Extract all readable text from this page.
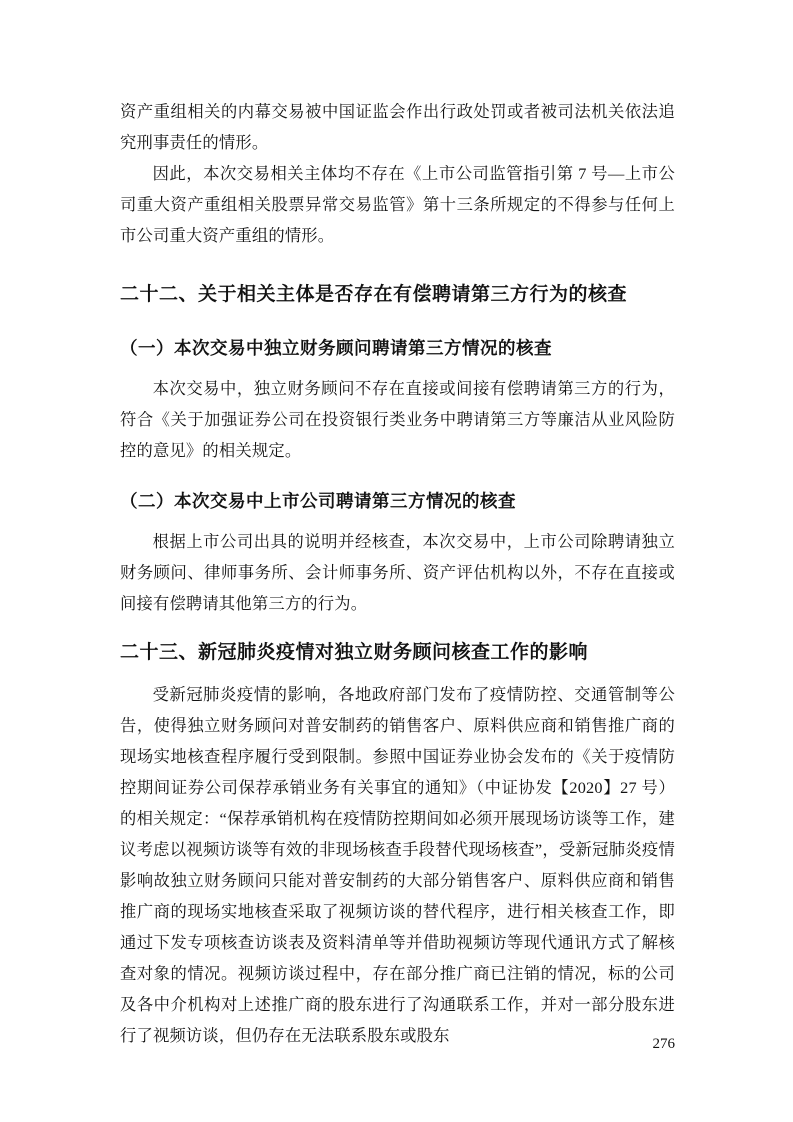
资产重组相关的内幕交易被中国证监会作出行政处罚或者被司法机关依法追究刑事责任的情形。

因此，本次交易相关主体均不存在《上市公司监管指引第 7 号—上市公司重大资产重组相关股票异常交易监管》第十三条所规定的不得参与任何上市公司重大资产重组的情形。

二十二、关于相关主体是否存在有偿聘请第三方行为的核查
（一）本次交易中独立财务顾问聘请第三方情况的核查

本次交易中，独立财务顾问不存在直接或间接有偿聘请第三方的行为，符合《关于加强证券公司在投资银行类业务中聘请第三方等廉洁从业风险防控的意见》的相关规定。

（二）本次交易中上市公司聘请第三方情况的核查

根据上市公司出具的说明并经核查，本次交易中，上市公司除聘请独立财务顾问、律师事务所、会计师事务所、资产评估机构以外，不存在直接或间接有偿聘请其他第三方的行为。

二十三、新冠肺炎疫情对独立财务顾问核查工作的影响

受新冠肺炎疫情的影响，各地政府部门发布了疫情防控、交通管制等公告，使得独立财务顾问对普安制药的销售客户、原料供应商和销售推广商的现场实地核查程序履行受到限制。参照中国证券业协会发布的《关于疫情防控期间证券公司保荐承销业务有关事宜的通知》（中证协发【2020】27 号）的相关规定：“保荐承销机构在疫情防控期间如必须开展现场访谈等工作，建议考虑以视频访谈等有效的非现场核查手段替代现场核查”，受新冠肺炎疫情影响故独立财务顾问只能对普安制药的大部分销售客户、原料供应商和销售推广商的现场实地核查采取了视频访谈的替代程序，进行相关核查工作，即通过下发专项核查访谈表及资料清单等并借助视频访等现代通讯方式了解核查对象的情况。视频访谈过程中，存在部分推广商已注销的情况，标的公司及各中介机构对上述推广商的股东进行了沟通联系工作，并对一部分股东进行了视频访谈，但仍存在无法联系股东或股东	276
